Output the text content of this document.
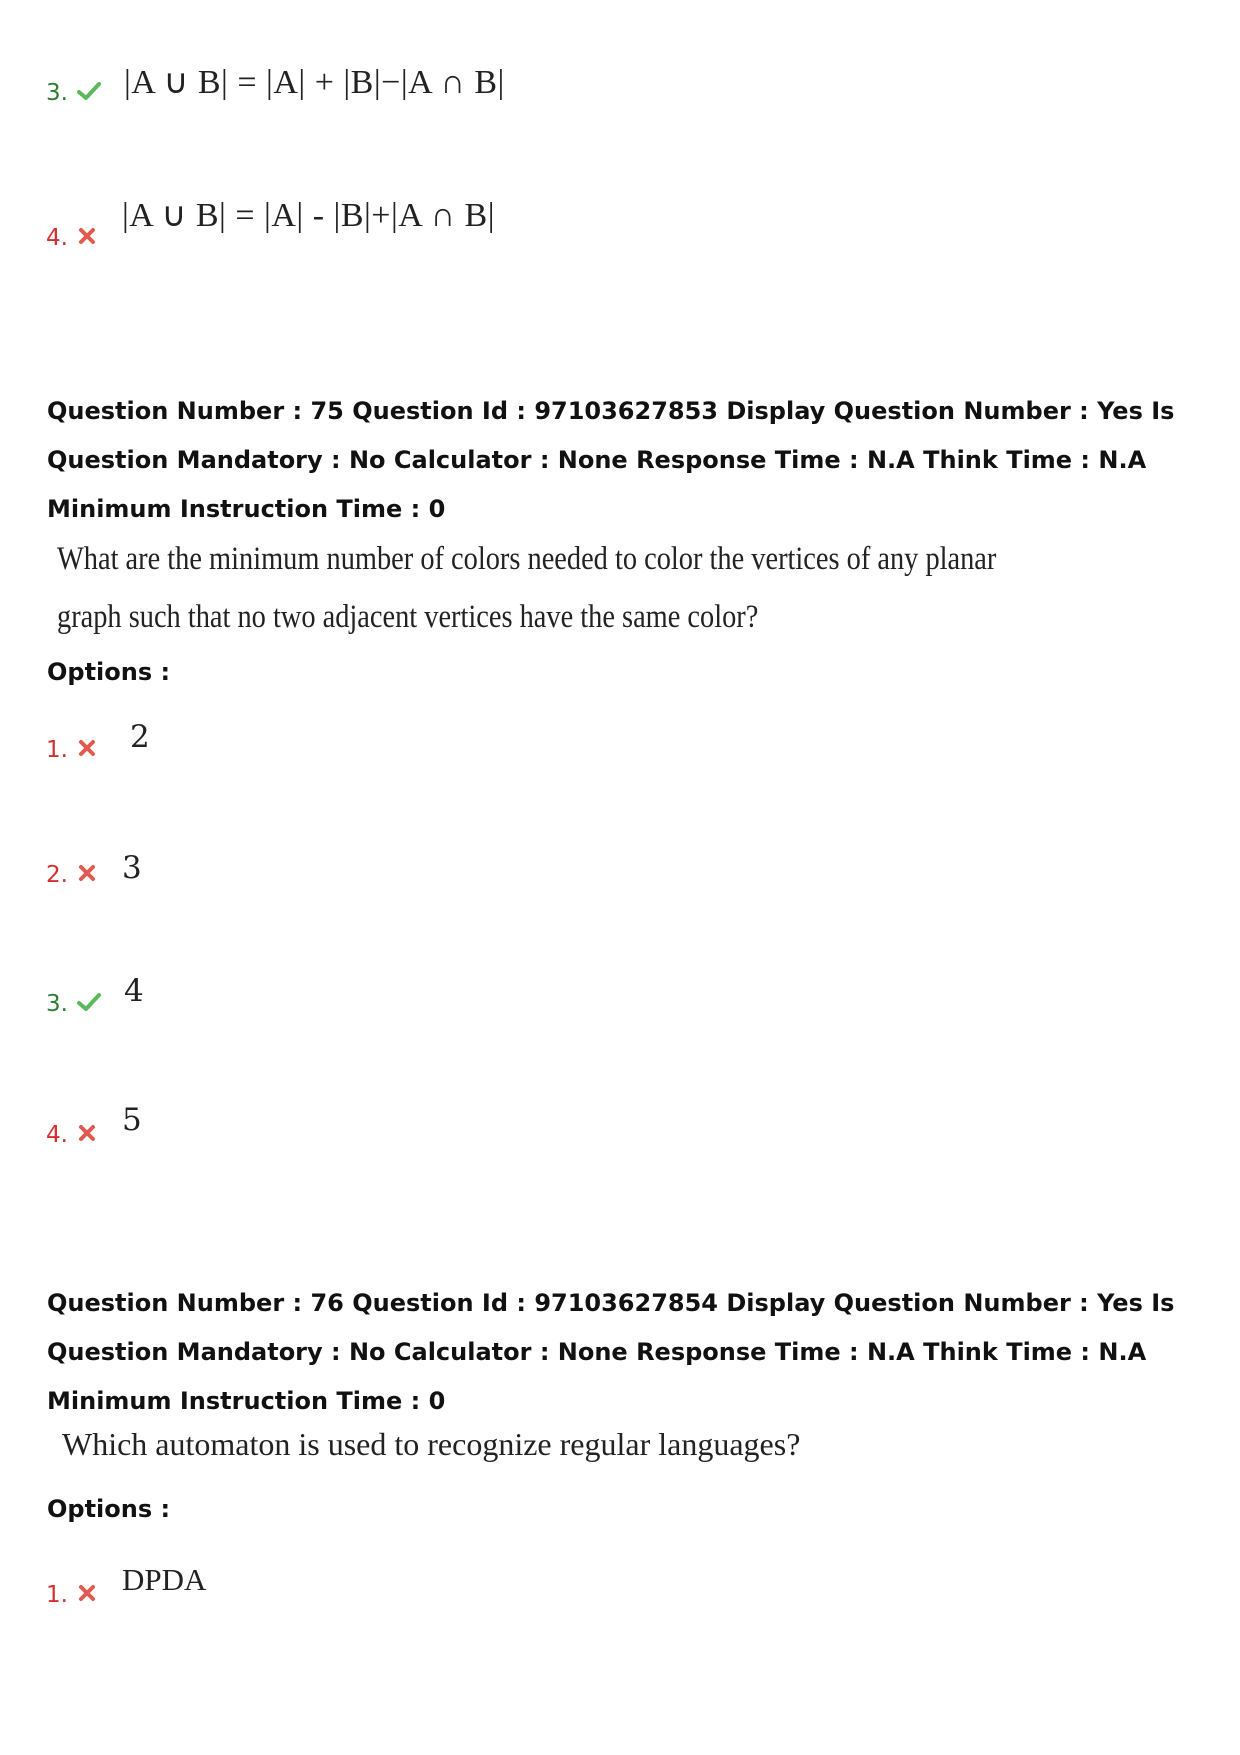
3. |A ∪ B| = |A| + |B|−|A ∩ B|
4.
|A ∪ B| = |A| - |B|+|A ∩ B|
Question Number : 75 Question Id : 97103627853 Display Question Number : Yes Is Question Mandatory : No Calculator : None Response Time : N.A Think Time : N.A Minimum Instruction Time : 0
What are the minimum number of colors needed to color the vertices of any planar
graph such that no two adjacent vertices have the same color?
Options :
1. 2
2. 3
3. 4
4. 5
Question Number : 76 Question Id : 97103627854 Display Question Number : Yes Is Question Mandatory : No Calculator : None Response Time : N.A Think Time : N.A Minimum Instruction Time : 0
Which automaton is used to recognize regular languages?
Options :
1. DPDA
